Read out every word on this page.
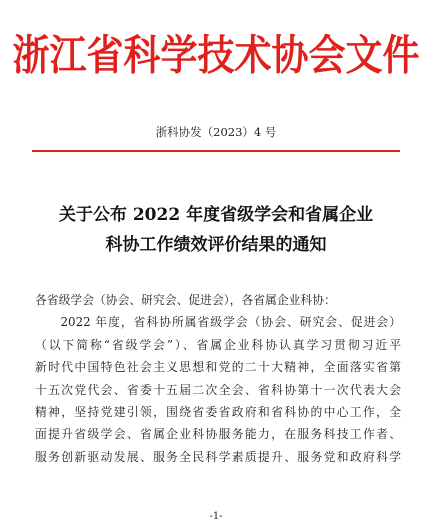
浙江省科学技术协会文件
浙科协发（2023）4 号
关于公布 2022 年度省级学会和省属企业
科协工作绩效评价结果的通知
各省级学会（协会、研究会、促进会），各省属企业科协：
　　2022 年度，省科协所属省级学会（协会、研究会、促进会）
（以下简称“省级学会”）、省属企业科协认真学习贯彻习近平
新时代中国特色社会主义思想和党的二十大精神，全面落实省第
十五次党代会、省委十五届二次全会、省科协第十一次代表大会
精神，坚持党建引领，围绕省委省政府和省科协的中心工作，全
面提升省级学会、省属企业科协服务能力，在服务科技工作者、
服务创新驱动发展、服务全民科学素质提升、服务党和政府科学
-1-
